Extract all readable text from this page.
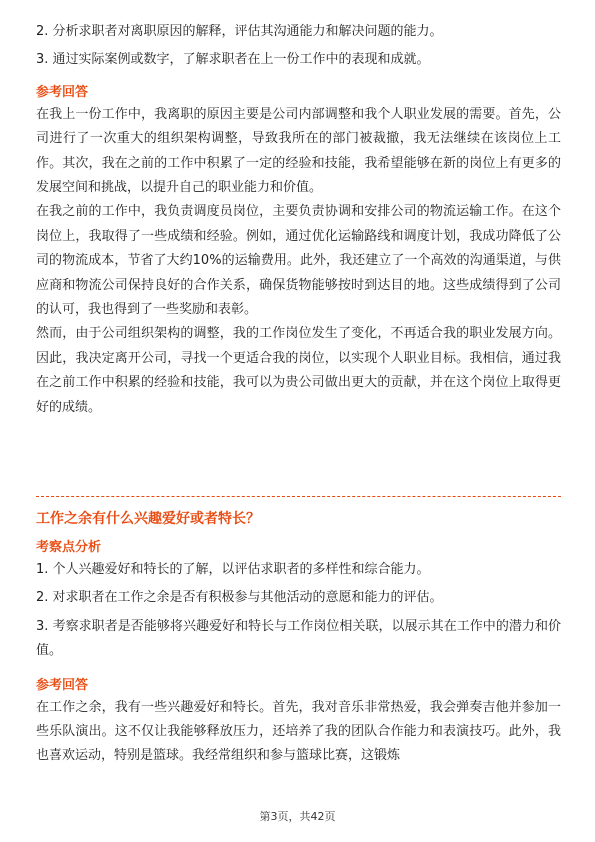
2. 分析求职者对离职原因的解释，评估其沟通能力和解决问题的能力。

3. 通过实际案例或数字，了解求职者在上一份工作中的表现和成就。

参考回答

在我上一份工作中，我离职的原因主要是公司内部调整和我个人职业发展的需要。首先，公司进行了一次重大的组织架构调整，导致我所在的部门被裁撤，我无法继续在该岗位上工作。其次，我在之前的工作中积累了一定的经验和技能，我希望能够在新的岗位上有更多的发展空间和挑战，以提升自己的职业能力和价值。

在我之前的工作中，我负责调度员岗位，主要负责协调和安排公司的物流运输工作。在这个岗位上，我取得了一些成绩和经验。例如，通过优化运输路线和调度计划，我成功降低了公司的物流成本，节省了大约10%的运输费用。此外，我还建立了一个高效的沟通渠道，与供应商和物流公司保持良好的合作关系，确保货物能够按时到达目的地。这些成绩得到了公司的认可，我也得到了一些奖励和表彰。

然而，由于公司组织架构的调整，我的工作岗位发生了变化，不再适合我的职业发展方向。因此，我决定离开公司，寻找一个更适合我的岗位，以实现个人职业目标。我相信，通过我在之前工作中积累的经验和技能，我可以为贵公司做出更大的贡献，并在这个岗位上取得更好的成绩。

工作之余有什么兴趣爱好或者特长？
考察点分析

1. 个人兴趣爱好和特长的了解，以评估求职者的多样性和综合能力。

2. 对求职者在工作之余是否有积极参与其他活动的意愿和能力的评估。

3. 考察求职者是否能够将兴趣爱好和特长与工作岗位相关联，以展示其在工作中的潜力和价值。

参考回答

在工作之余，我有一些兴趣爱好和特长。首先，我对音乐非常热爱，我会弹奏吉他并参加一些乐队演出。这不仅让我能够释放压力，还培养了我的团队合作能力和表演技巧。此外，我也喜欢运动，特别是篮球。我经常组织和参与篮球比赛，这锻炼

第3页，共42页
